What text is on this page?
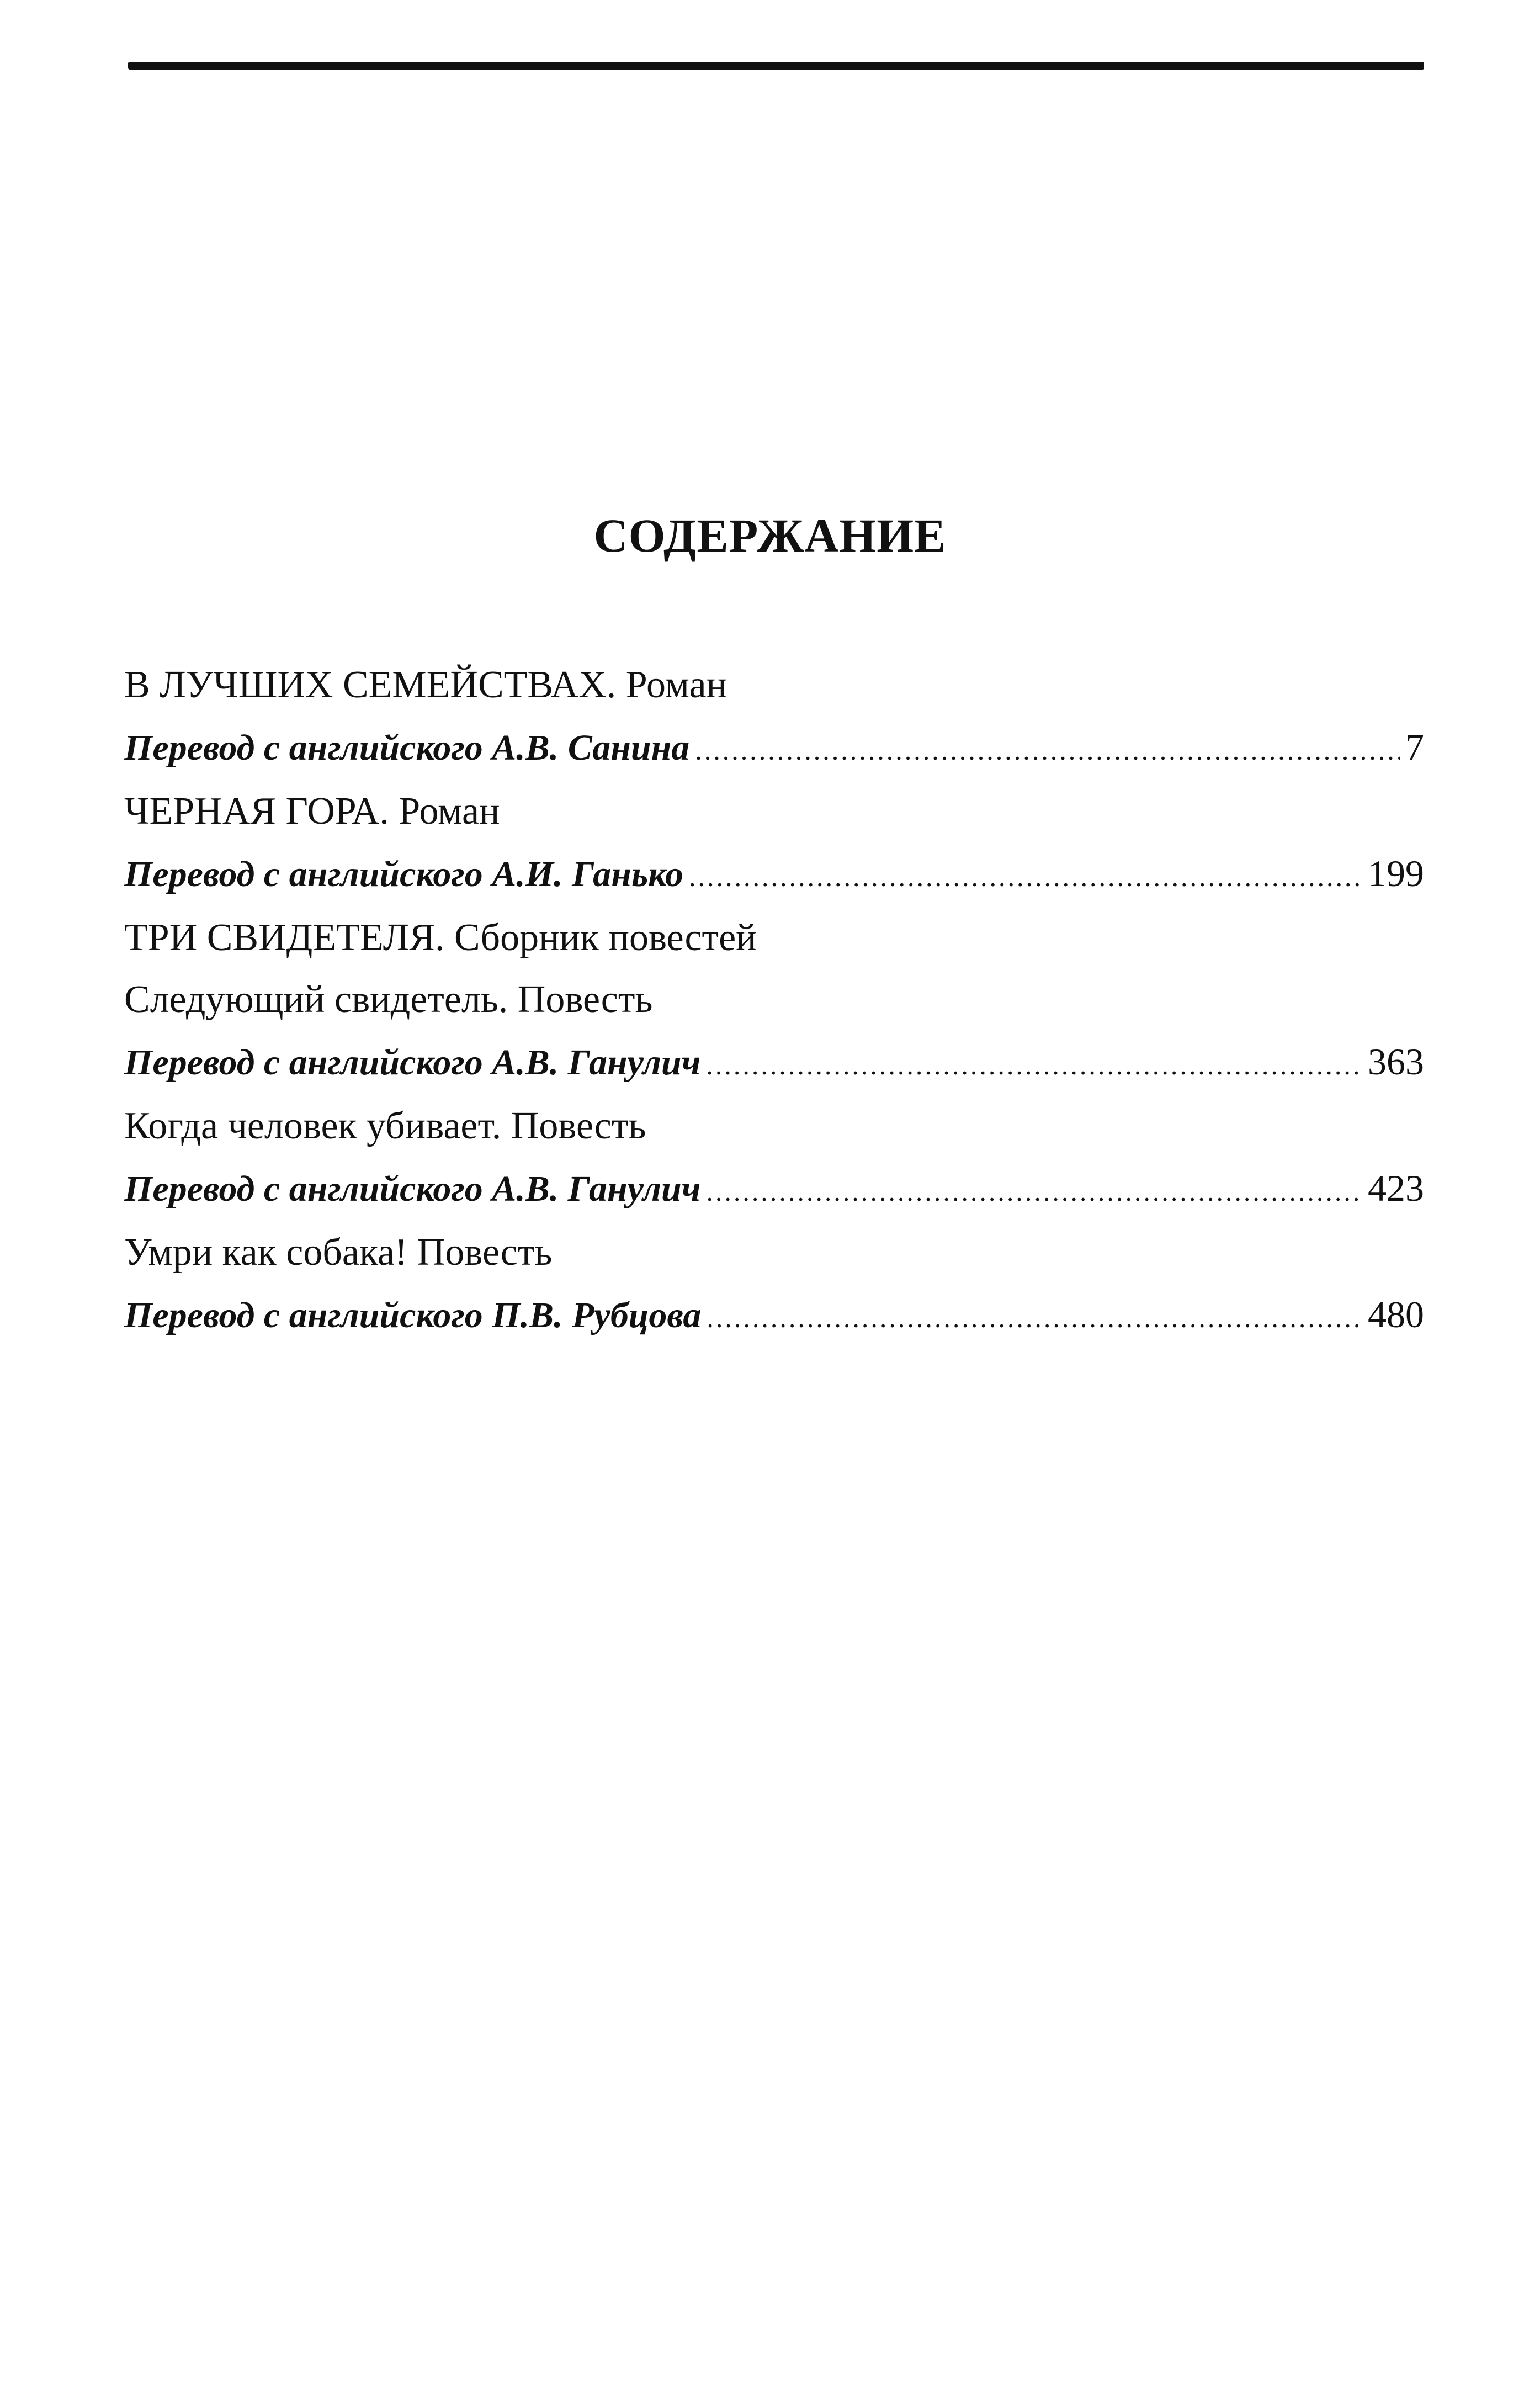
СОДЕРЖАНИЕ
В ЛУЧШИХ СЕМЕЙСТВАХ. Роман
Перевод с английского А.В. Санина .....	7
ЧЕРНАЯ ГОРА. Роман
Перевод с английского А.И. Ганько .....	199
ТРИ СВИДЕТЕЛЯ. Сборник повестей
Следующий свидетель. Повесть
Перевод с английского А.В. Ганулич .....	363
Когда человек убивает. Повесть
Перевод с английского А.В. Ганулич .....	423
Умри как собака! Повесть
Перевод с английского П.В. Рубцова .....	480
